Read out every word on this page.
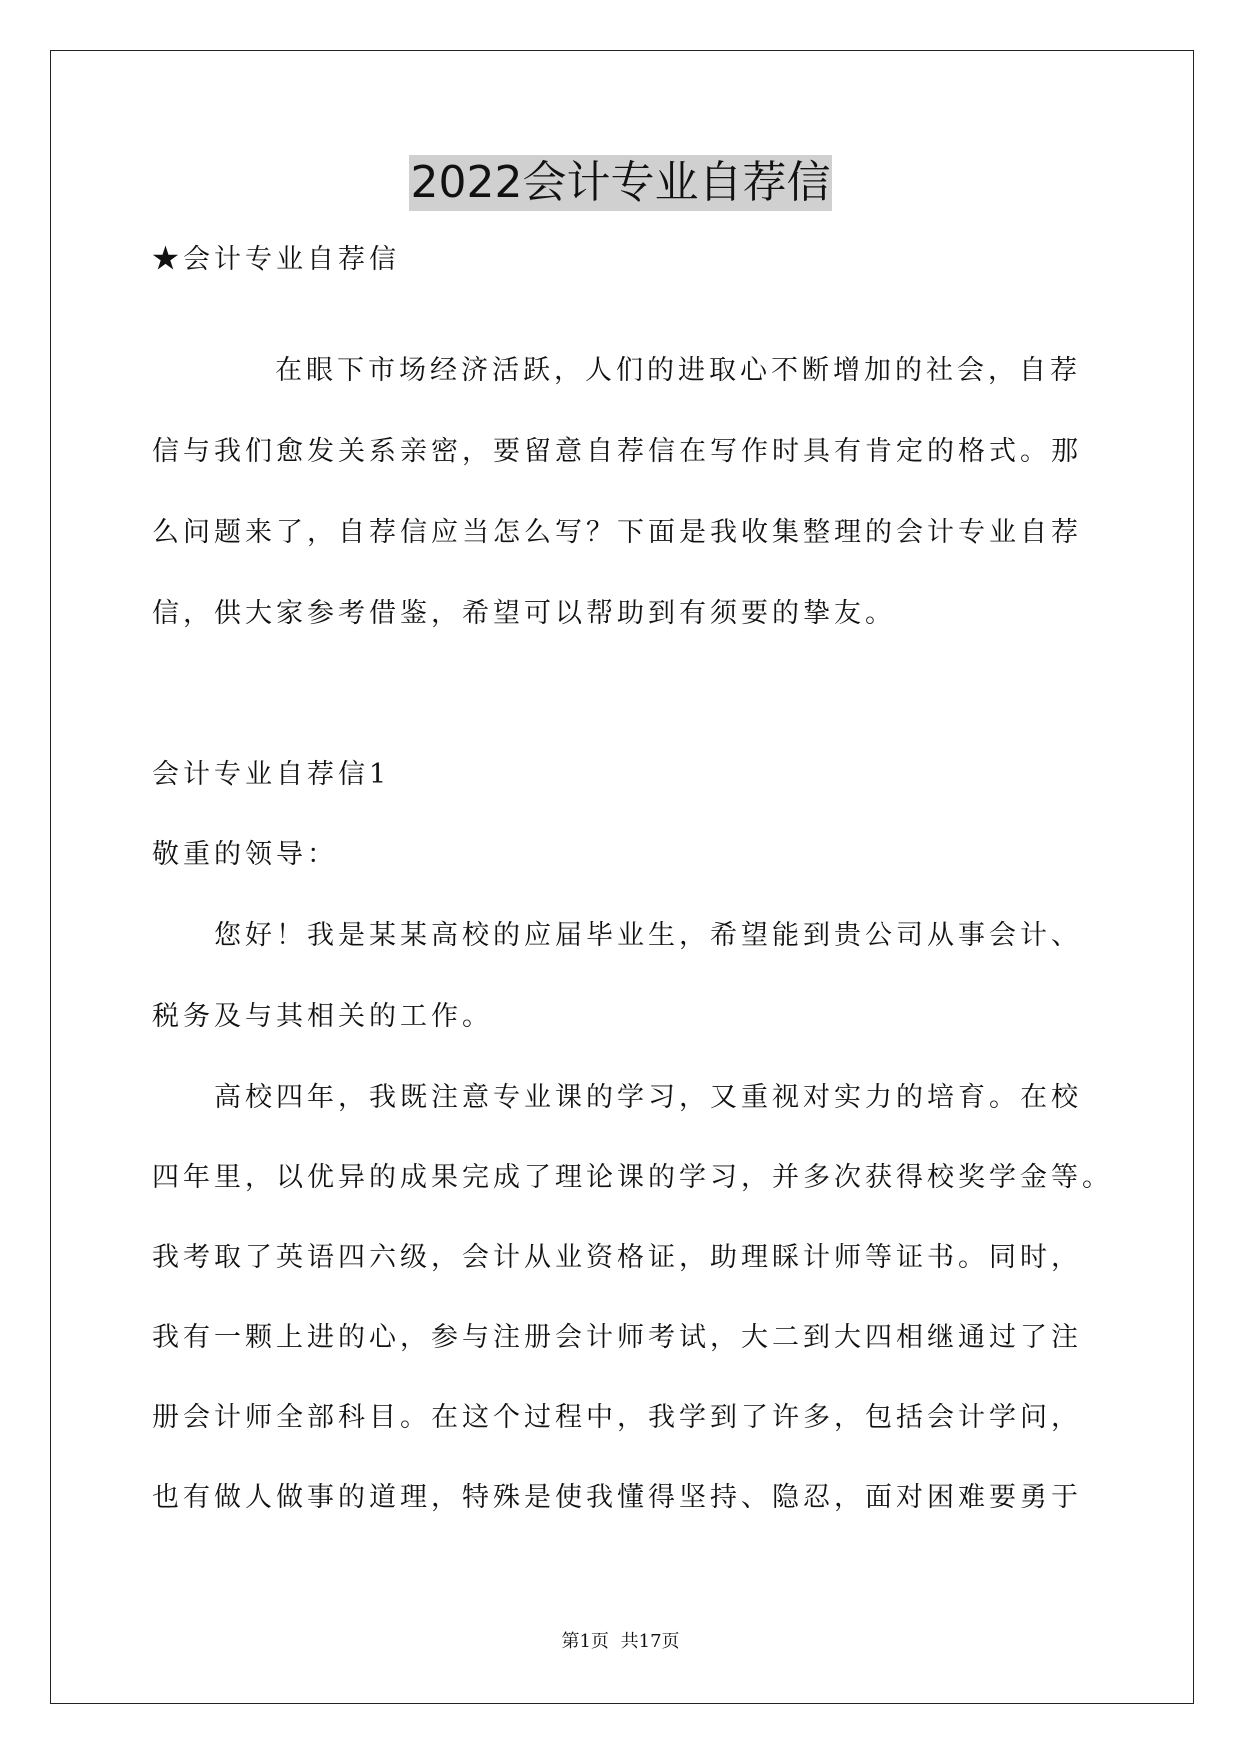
2022会计专业自荐信
★会计专业自荐信
在眼下市场经济活跃，人们的进取心不断增加的社会，自荐
信与我们愈发关系亲密，要留意自荐信在写作时具有肯定的格式。那
么问题来了，自荐信应当怎么写？下面是我收集整理的会计专业自荐
信，供大家参考借鉴，希望可以帮助到有须要的挚友。
会计专业自荐信1
敬重的领导：
您好！我是某某高校的应届毕业生，希望能到贵公司从事会计、
税务及与其相关的工作。
高校四年，我既注意专业课的学习，又重视对实力的培育。在校
四年里，以优异的成果完成了理论课的学习，并多次获得校奖学金等。
我考取了英语四六级，会计从业资格证，助理睬计师等证书。同时，
我有一颗上进的心，参与注册会计师考试，大二到大四相继通过了注
册会计师全部科目。在这个过程中，我学到了许多，包括会计学问，
也有做人做事的道理，特殊是使我懂得坚持、隐忍，面对困难要勇于
第1页 共17页
